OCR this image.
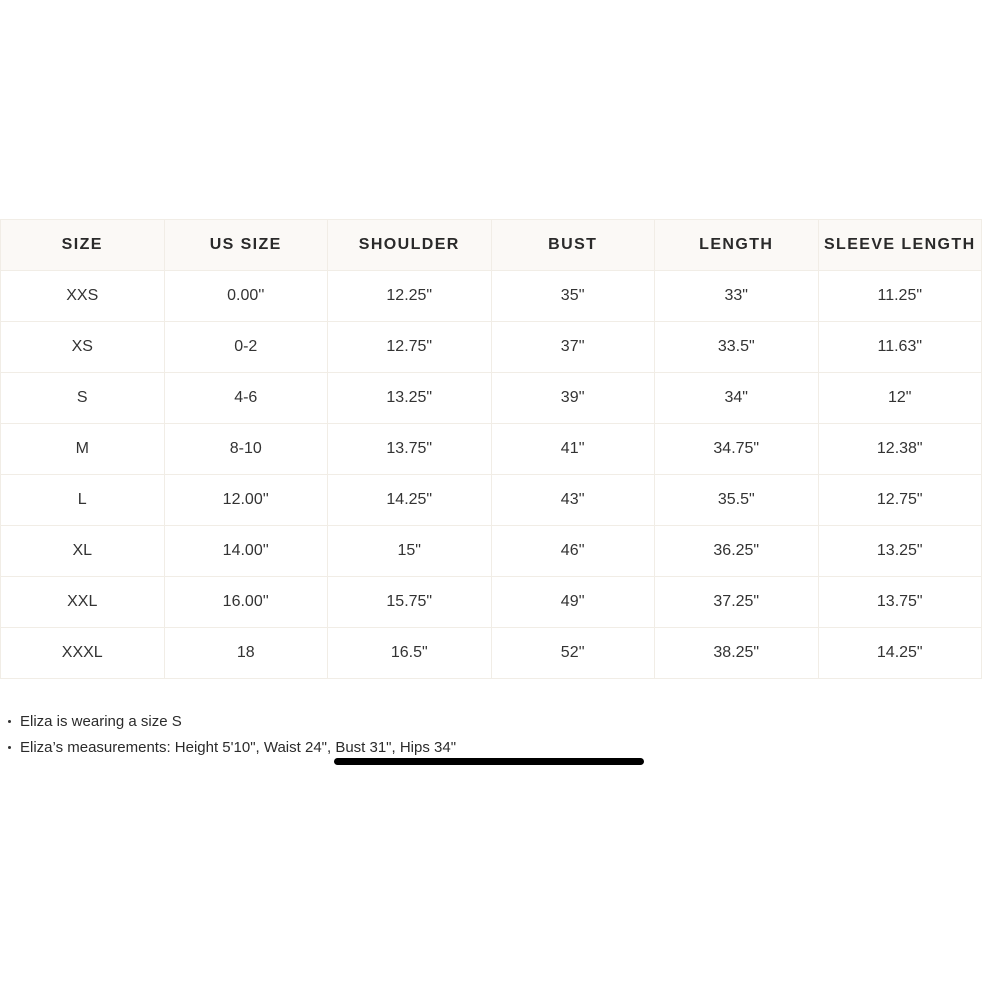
SIZE	US SIZE	SHOULDER	BUST	LENGTH	SLEEVE LENGTH
XXS	0.00''	12.25"	35''	33"	11.25"
XS	0-2	12.75"	37''	33.5"	11.63"
S	4-6	13.25"	39''	34"	12"
M	8-10	13.75"	41''	34.75"	12.38"
L	12.00''	14.25"	43''	35.5"	12.75"
XL	14.00''	15"	46''	36.25"	13.25"
XXL	16.00''	15.75"	49''	37.25"	13.75"
XXXL	18	16.5"	52''	38.25"	14.25"
Eliza is wearing a size S
Eliza’s measurements: Height 5'10", Waist 24", Bust 31", Hips 34"
